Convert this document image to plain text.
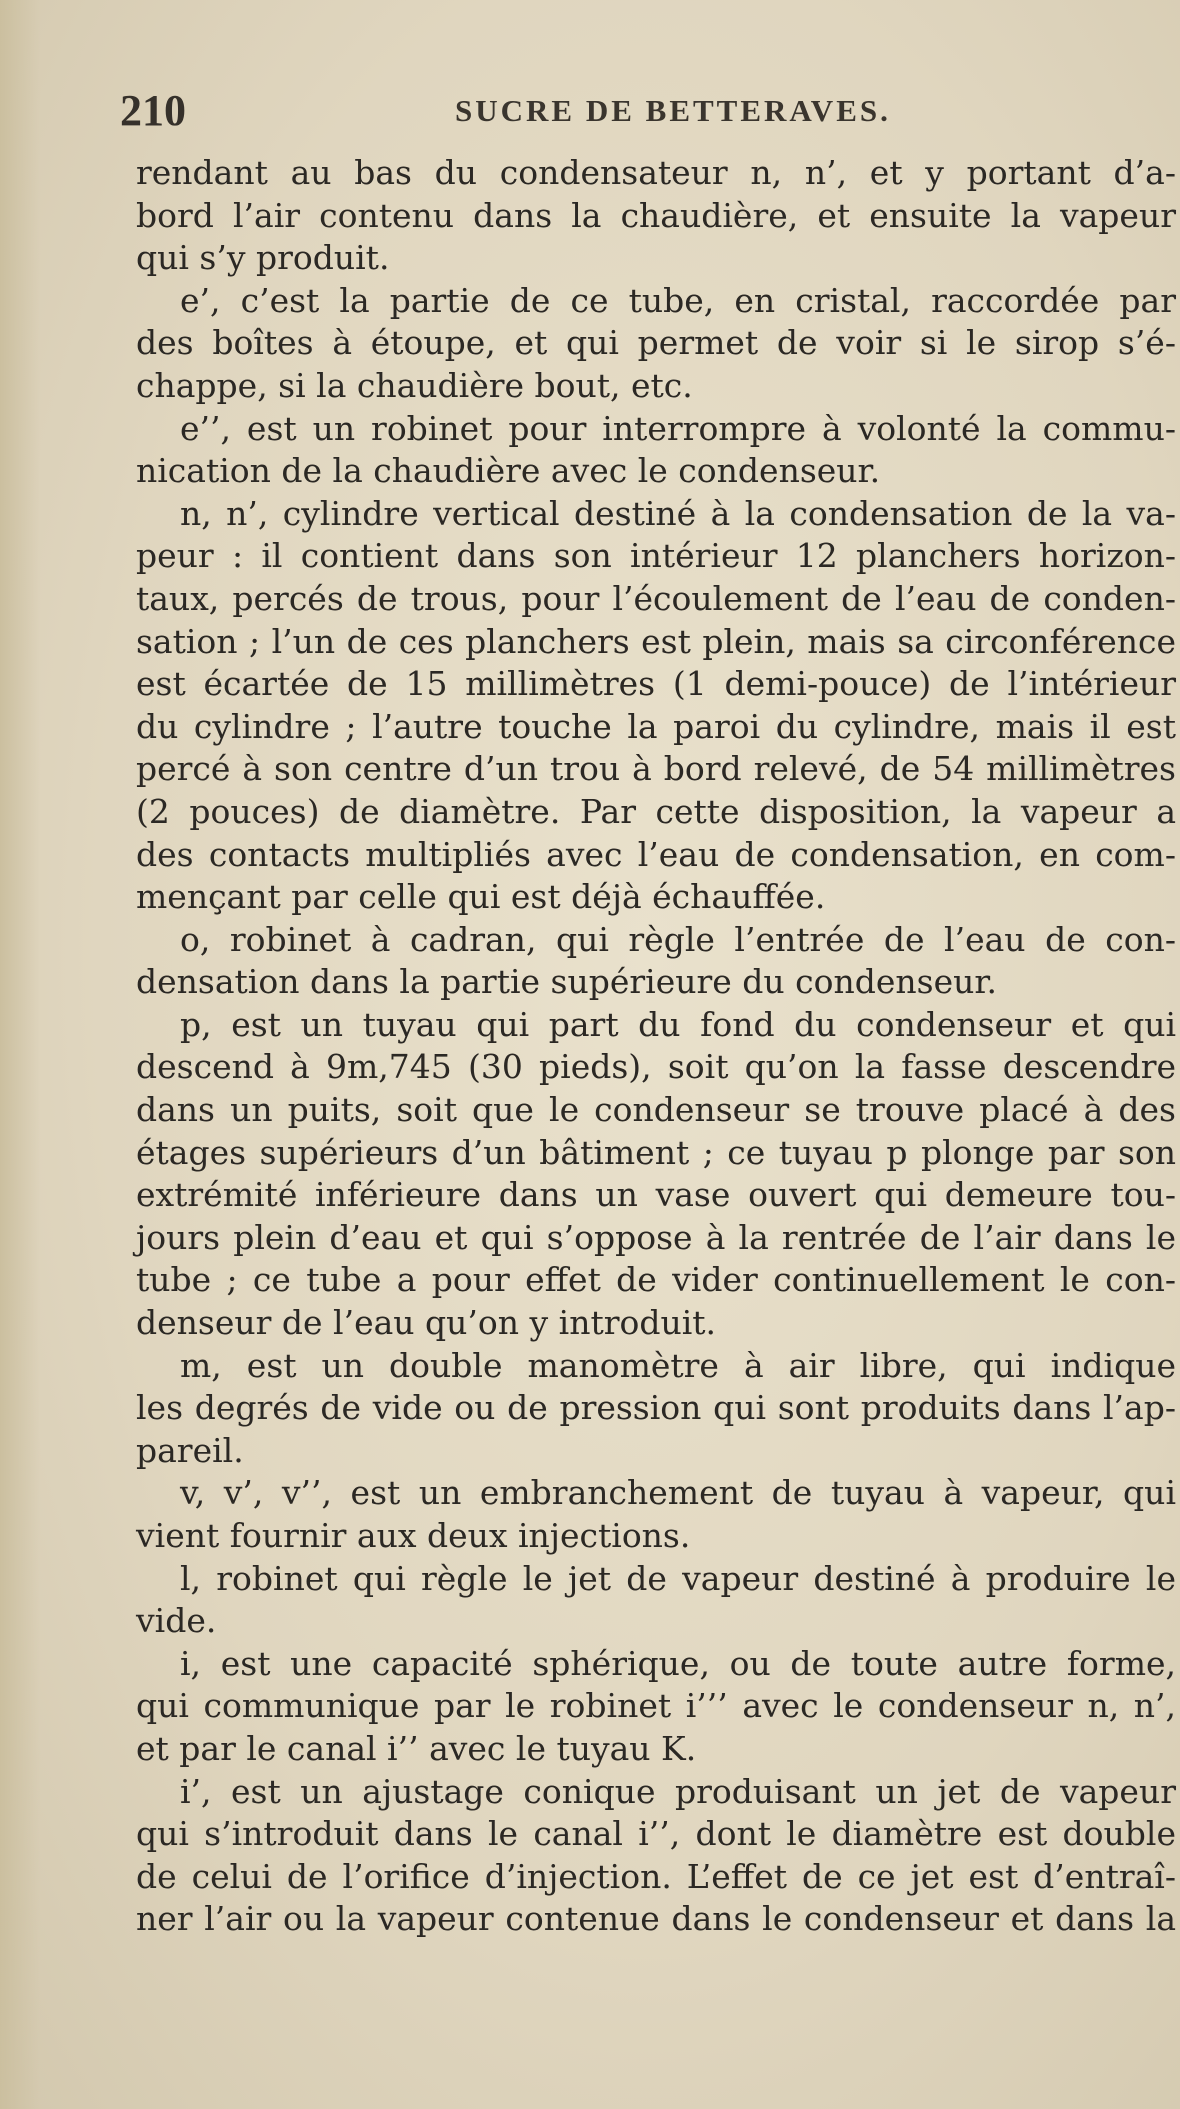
210	SUCRE DE BETTERAVES.
rendant au bas du condensateur n, n’, et y portant d’a-
bord l’air contenu dans la chaudière, et ensuite la vapeur
qui s’y produit.
e’, c’est la partie de ce tube, en cristal, raccordée par
des boîtes à étoupe, et qui permet de voir si le sirop s’é-
chappe, si la chaudière bout, etc.
e’’, est un robinet pour interrompre à volonté la commu-
nication de la chaudière avec le condenseur.
n, n’, cylindre vertical destiné à la condensation de la va-
peur : il contient dans son intérieur 12 planchers horizon-
taux, percés de trous, pour l’écoulement de l’eau de conden-
sation ; l’un de ces planchers est plein, mais sa circonférence
est écartée de 15 millimètres (1 demi-pouce) de l’intérieur
du cylindre ; l’autre touche la paroi du cylindre, mais il est
percé à son centre d’un trou à bord relevé, de 54 millimètres
(2 pouces) de diamètre. Par cette disposition, la vapeur a
des contacts multipliés avec l’eau de condensation, en com-
mençant par celle qui est déjà échauffée.
o, robinet à cadran, qui règle l’entrée de l’eau de con-
densation dans la partie supérieure du condenseur.
p, est un tuyau qui part du fond du condenseur et qui
descend à 9m,745 (30 pieds), soit qu’on la fasse descendre
dans un puits, soit que le condenseur se trouve placé à des
étages supérieurs d’un bâtiment ; ce tuyau p plonge par son
extrémité inférieure dans un vase ouvert qui demeure tou-
jours plein d’eau et qui s’oppose à la rentrée de l’air dans le
tube ; ce tube a pour effet de vider continuellement le con-
denseur de l’eau qu’on y introduit.
m, est un double manomètre à air libre, qui indique
les degrés de vide ou de pression qui sont produits dans l’ap-
pareil.
v, v’, v’’, est un embranchement de tuyau à vapeur, qui
vient fournir aux deux injections.
l, robinet qui règle le jet de vapeur destiné à produire le
vide.
i, est une capacité sphérique, ou de toute autre forme,
qui communique par le robinet i’’’ avec le condenseur n, n’,
et par le canal i’’ avec le tuyau K.
i’, est un ajustage conique produisant un jet de vapeur
qui s’introduit dans le canal i’’, dont le diamètre est double
de celui de l’orifice d’injection. L’effet de ce jet est d’entraî-
ner l’air ou la vapeur contenue dans le condenseur et dans la
